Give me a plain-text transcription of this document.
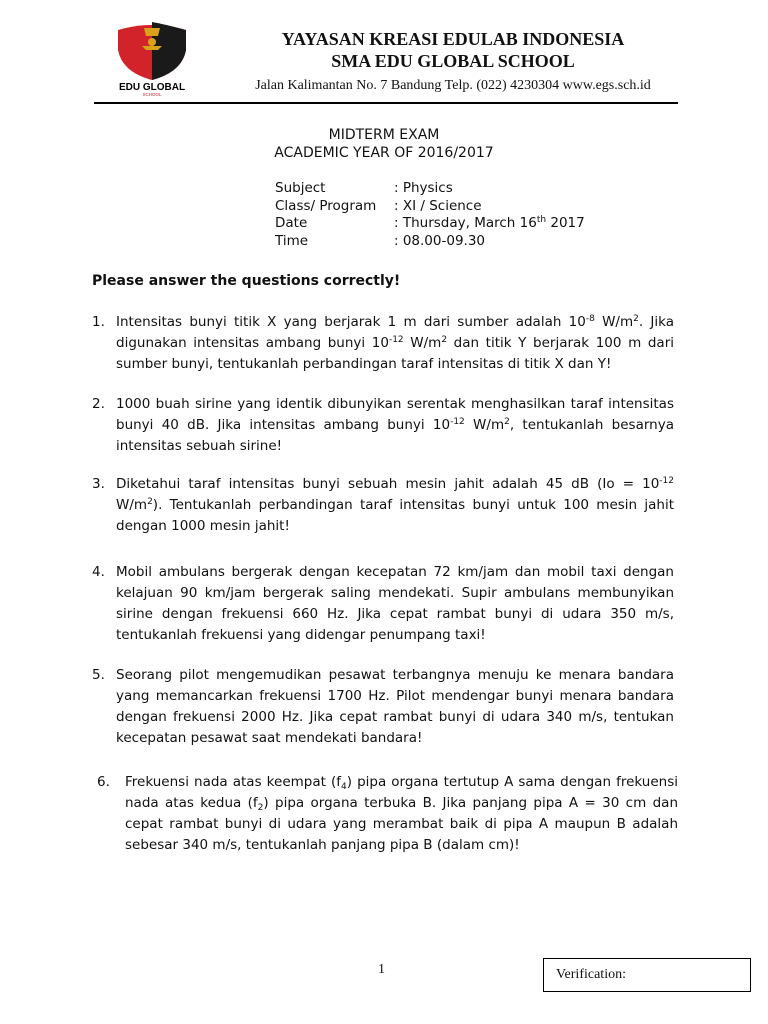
EDU GLOBAL
SCHOOL
YAYASAN KREASI EDULAB INDONESIA
SMA EDU GLOBAL SCHOOL
Jalan Kalimantan No. 7 Bandung Telp. (022) 4230304 www.egs.sch.id
MIDTERM EXAM
ACADEMIC YEAR OF 2016/2017
Subject	: Physics
Class/ Program	: XI / Science
Date	: Thursday, March 16th 2017
Time	: 08.00-09.30
Please answer the questions correctly!
1. Intensitas bunyi titik X yang berjarak 1 m dari sumber adalah $10^{-8}$ $W/m^2$. Jika digunakan intensitas ambang bunyi $10^{-12}$ $W/m^2$ dan titik Y berjarak 100 m dari sumber bunyi, tentukanlah perbandingan taraf intensitas di titik X dan Y!
2. 1000 buah sirine yang identik dibunyikan serentak menghasilkan taraf intensitas bunyi 40 dB. Jika intensitas ambang bunyi $10^{-12}$ $W/m^2$, tentukanlah besarnya intensitas sebuah sirine!
3. Diketahui taraf intensitas bunyi sebuah mesin jahit adalah 45 dB ($Io = 10^{-12}$ $W/m^2$). Tentukanlah perbandingan taraf intensitas bunyi untuk 100 mesin jahit dengan 1000 mesin jahit!
4. Mobil ambulans bergerak dengan kecepatan 72 km/jam dan mobil taxi dengan kelajuan 90 km/jam bergerak saling mendekati. Supir ambulans membunyikan sirine dengan frekuensi 660 Hz. Jika cepat rambat bunyi di udara 350 m/s, tentukanlah frekuensi yang didengar penumpang taxi!
5. Seorang pilot mengemudikan pesawat terbangnya menuju ke menara bandara yang memancarkan frekuensi 1700 Hz. Pilot mendengar bunyi menara bandara dengan frekuensi 2000 Hz. Jika cepat rambat bunyi di udara 340 m/s, tentukan kecepatan pesawat saat mendekati bandara!
6.	Frekuensi nada atas keempat $(f_4)$ pipa organa tertutup A sama dengan frekuensi nada atas kedua $(f_2)$ pipa organa terbuka B. Jika panjang pipa A = 30 cm dan cepat rambat bunyi di udara yang merambat baik di pipa A maupun B adalah sebesar 340 m/s, tentukanlah panjang pipa B (dalam cm)!
1	Verification:
